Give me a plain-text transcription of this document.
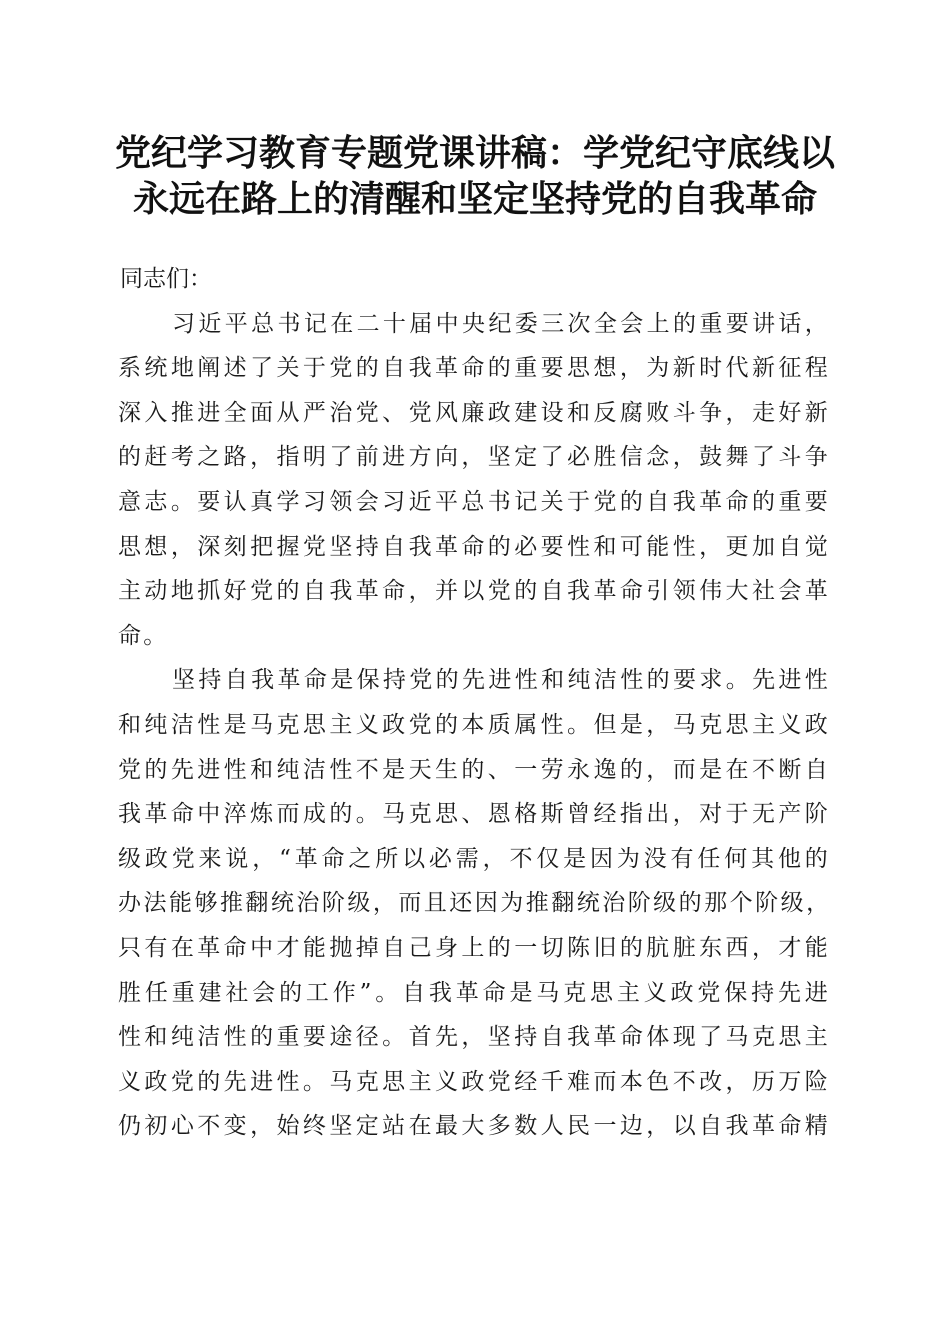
党纪学习教育专题党课讲稿：学党纪守底线以
永远在路上的清醒和坚定坚持党的自我革命
同志们：
习近平总书记在二十届中央纪委三次全会上的重要讲话，
系统地阐述了关于党的自我革命的重要思想，为新时代新征程
深入推进全面从严治党、党风廉政建设和反腐败斗争，走好新
的赶考之路，指明了前进方向，坚定了必胜信念，鼓舞了斗争
意志。要认真学习领会习近平总书记关于党的自我革命的重要
思想，深刻把握党坚持自我革命的必要性和可能性，更加自觉
主动地抓好党的自我革命，并以党的自我革命引领伟大社会革
命。
坚持自我革命是保持党的先进性和纯洁性的要求。先进性
和纯洁性是马克思主义政党的本质属性。但是，马克思主义政
党的先进性和纯洁性不是天生的、一劳永逸的，而是在不断自
我革命中淬炼而成的。马克思、恩格斯曾经指出，对于无产阶
级政党来说，“革命之所以必需，不仅是因为没有任何其他的
办法能够推翻统治阶级，而且还因为推翻统治阶级的那个阶级，
只有在革命中才能抛掉自己身上的一切陈旧的肮脏东西，才能
胜任重建社会的工作”。自我革命是马克思主义政党保持先进
性和纯洁性的重要途径。首先，坚持自我革命体现了马克思主
义政党的先进性。马克思主义政党经千难而本色不改，历万险
仍初心不变，始终坚定站在最大多数人民一边，以自我革命精
